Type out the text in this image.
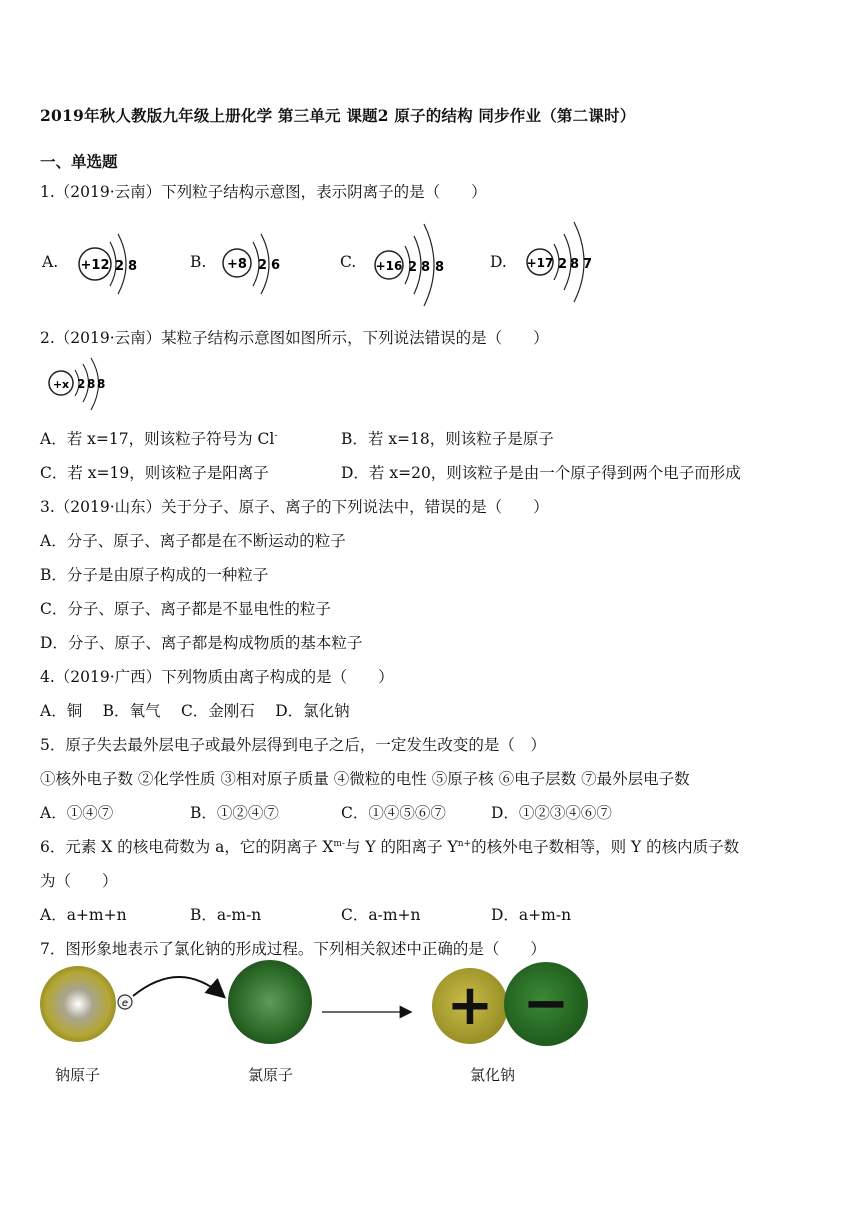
2019年秋人教版九年级上册化学 第三单元 课题2 原子的结构 同步作业（第二课时）
一、单选题
1.（2019·云南）下列粒子结构示意图，表示阴离子的是（　　）
A. +12 2 8	B. +8 2 6	C. +16 2 8 8	D. +17 2 8 7
2.（2019·云南）某粒子结构示意图如图所示，下列说法错误的是（　　）
+x 2 8 8
A．若 x=17，则该粒子符号为 Cl-	B．若 x=18，则该粒子是原子
C．若 x=19，则该粒子是阳离子	D．若 x=20，则该粒子是由一个原子得到两个电子而形成
3.（2019·山东）关于分子、原子、离子的下列说法中，错误的是（　　）
A．分子、原子、离子都是在不断运动的粒子
B．分子是由原子构成的一种粒子
C．分子、原子、离子都是不显电性的粒子
D．分子、原子、离子都是构成物质的基本粒子
4.（2019·广西）下列物质由离子构成的是（　　）
A．铜　 B．氧气　 C．金刚石　 D．氯化钠
5．原子失去最外层电子或最外层得到电子之后，一定发生改变的是（　）
①核外电子数 ②化学性质 ③相对原子质量 ④微粒的电性 ⑤原子核 ⑥电子层数 ⑦最外层电子数
A．①④⑦	B．①②④⑦	C．①④⑤⑥⑦	D．①②③④⑥⑦
6．元素 X 的核电荷数为 a，它的阴离子 $X^{m-}$与 Y 的阳离子 $Y^{n+}$的核外电子数相等，则 Y 的核内质子数
为（　　）
A．a+m+n	B．a-m-n	C．a-m+n	D．a+m-n
7．图形象地表示了氯化钠的形成过程。下列相关叙述中正确的是（　　）
e	+ −
钠原子	氯原子	氯化钠
